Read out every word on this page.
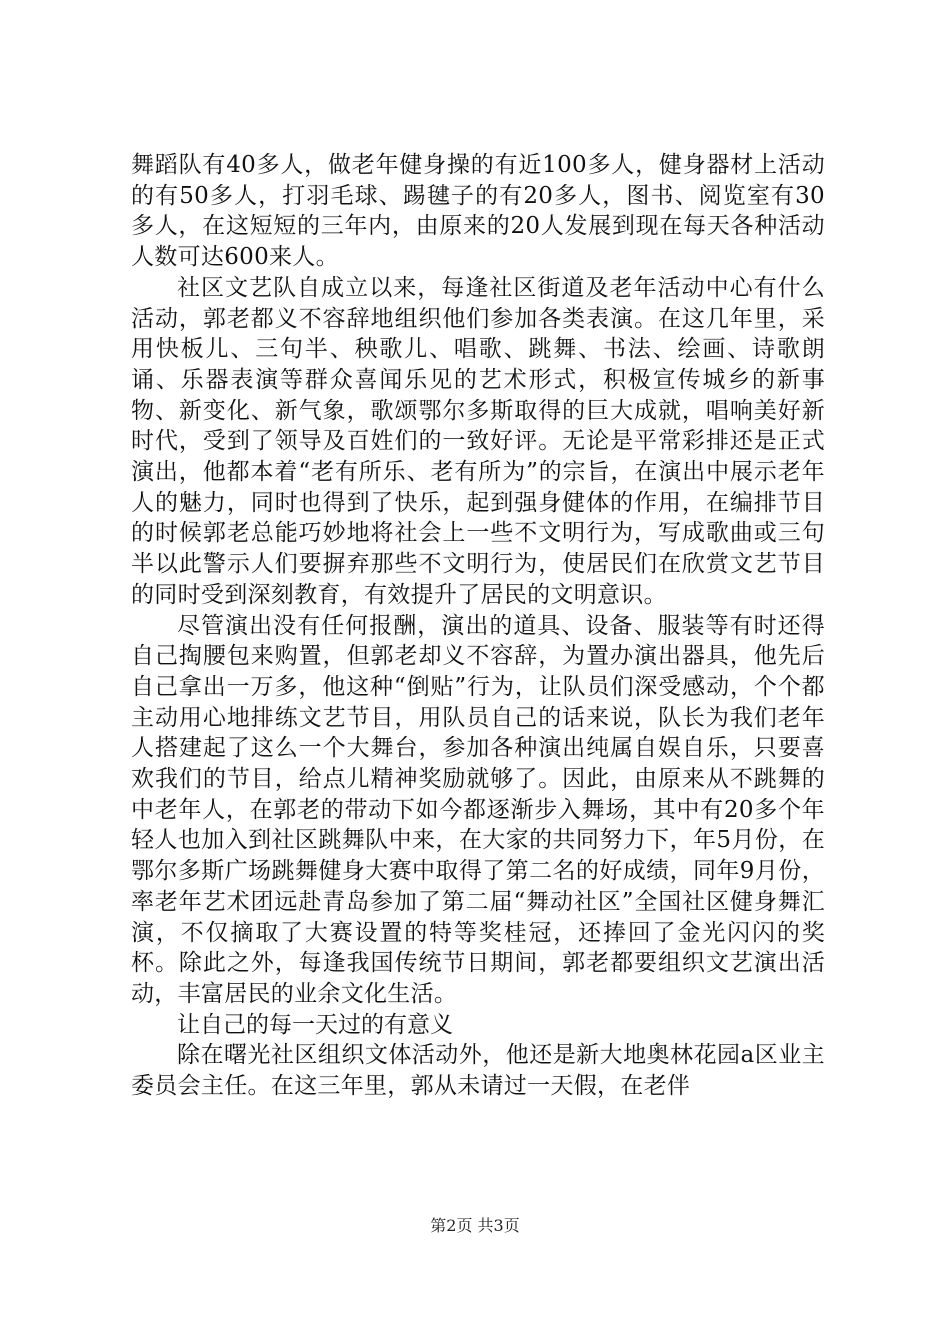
舞蹈队有40多人，做老年健身操的有近100多人，健身器材上活动的有50多人，打羽毛球、踢毽子的有20多人，图书、阅览室有30多人，在这短短的三年内，由原来的20人发展到现在每天各种活动人数可达600来人。

社区文艺队自成立以来，每逢社区街道及老年活动中心有什么活动，郭老都义不容辞地组织他们参加各类表演。在这几年里，采用快板儿、三句半、秧歌儿、唱歌、跳舞、书法、绘画、诗歌朗诵、乐器表演等群众喜闻乐见的艺术形式，积极宣传城乡的新事物、新变化、新气象，歌颂鄂尔多斯取得的巨大成就，唱响美好新时代，受到了领导及百姓们的一致好评。无论是平常彩排还是正式演出，他都本着“老有所乐、老有所为”的宗旨，在演出中展示老年人的魅力，同时也得到了快乐，起到强身健体的作用，在编排节目的时候郭老总能巧妙地将社会上一些不文明行为，写成歌曲或三句半以此警示人们要摒弃那些不文明行为，使居民们在欣赏文艺节目的同时受到深刻教育，有效提升了居民的文明意识。

尽管演出没有任何报酬，演出的道具、设备、服装等有时还得自己掏腰包来购置，但郭老却义不容辞，为置办演出器具，他先后自己拿出一万多，他这种“倒贴”行为，让队员们深受感动，个个都主动用心地排练文艺节目，用队员自己的话来说，队长为我们老年人搭建起了这么一个大舞台，参加各种演出纯属自娱自乐，只要喜欢我们的节目，给点儿精神奖励就够了。因此，由原来从不跳舞的中老年人，在郭老的带动下如今都逐渐步入舞场，其中有20多个年轻人也加入到社区跳舞队中来，在大家的共同努力下，年5月份，在鄂尔多斯广场跳舞健身大赛中取得了第二名的好成绩，同年9月份，率老年艺术团远赴青岛参加了第二届“舞动社区”全国社区健身舞汇演，不仅摘取了大赛设置的特等奖桂冠，还捧回了金光闪闪的奖杯。除此之外，每逢我国传统节日期间，郭老都要组织文艺演出活动，丰富居民的业余文化生活。

让自己的每一天过的有意义

除在曙光社区组织文体活动外，他还是新大地奥林花园a区业主委员会主任。在这三年里，郭从未请过一天假，在老伴

第2页 共3页
